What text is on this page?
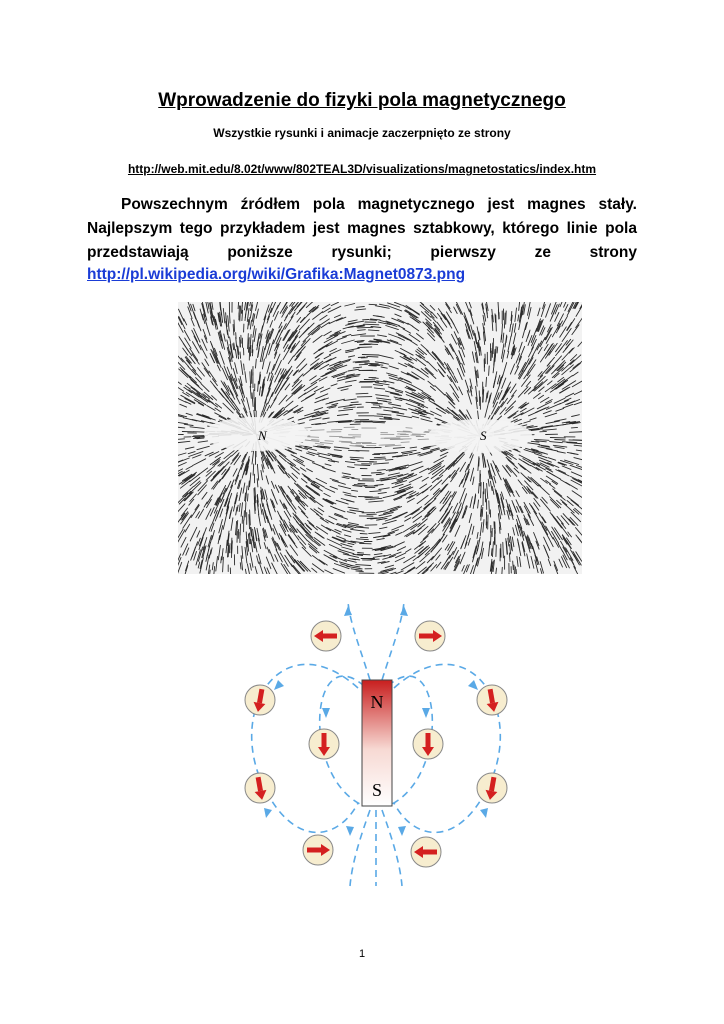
Wprowadzenie do fizyki pola magnetycznego
Wszystkie rysunki i animacje zaczerpnięto ze strony
http://web.mit.edu/8.02t/www/802TEAL3D/visualizations/magnetostatics/index.htm
Powszechnym źródłem pola magnetycznego jest magnes stały.
Najlepszym tego przykładem jest magnes sztabkowy, którego linie pola
przedstawiają poniższe rysunki; pierwszy ze strony
http://pl.wikipedia.org/wiki/Grafika:Magnet0873.png
N	S
N
S
1
